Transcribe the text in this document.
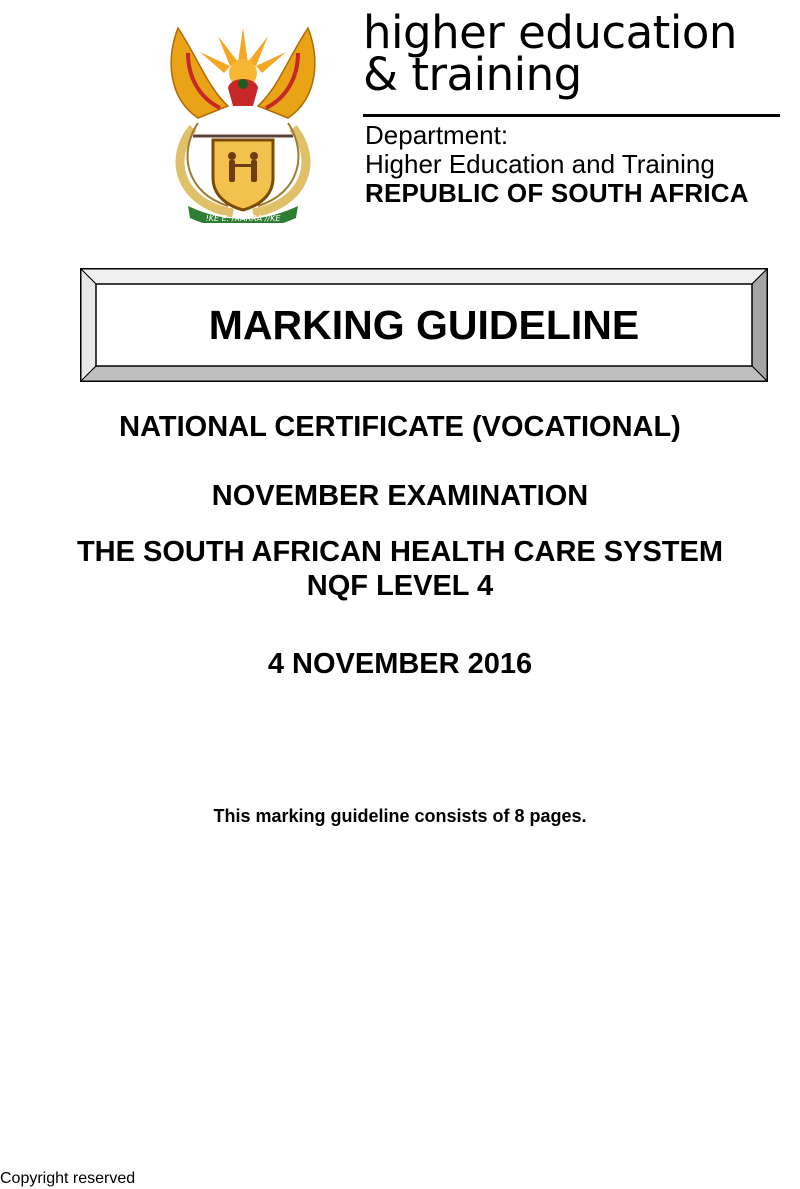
!KE E: /XARRA //KE
higher education
& training
Department:
Higher Education and Training
REPUBLIC OF SOUTH AFRICA
MARKING GUIDELINE
NATIONAL CERTIFICATE (VOCATIONAL)
NOVEMBER EXAMINATION
THE SOUTH AFRICAN HEALTH CARE SYSTEM
NQF LEVEL 4
4 NOVEMBER 2016
This marking guideline consists of 8 pages.
Copyright reserved
